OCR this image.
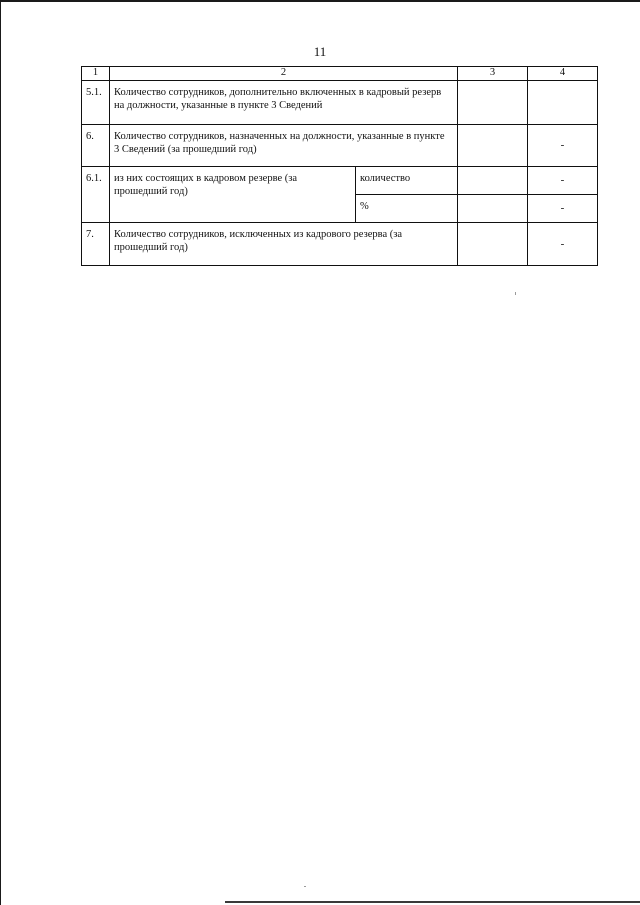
11
1	2		3	4
5.1.	Количество сотрудников, дополнительно включенных в кадровый резерв на должности, указанные в пункте 3 Сведений			
6.	Количество сотрудников, назначенных на должности, указанные в пункте 3 Сведений (за прошедший год)			-
6.1.	из них состоящих в кадровом резерве (за прошедший год)	количество		-
		%		-
7.	Количество сотрудников, исключенных из кадрового резерва (за прошедший год)			-
